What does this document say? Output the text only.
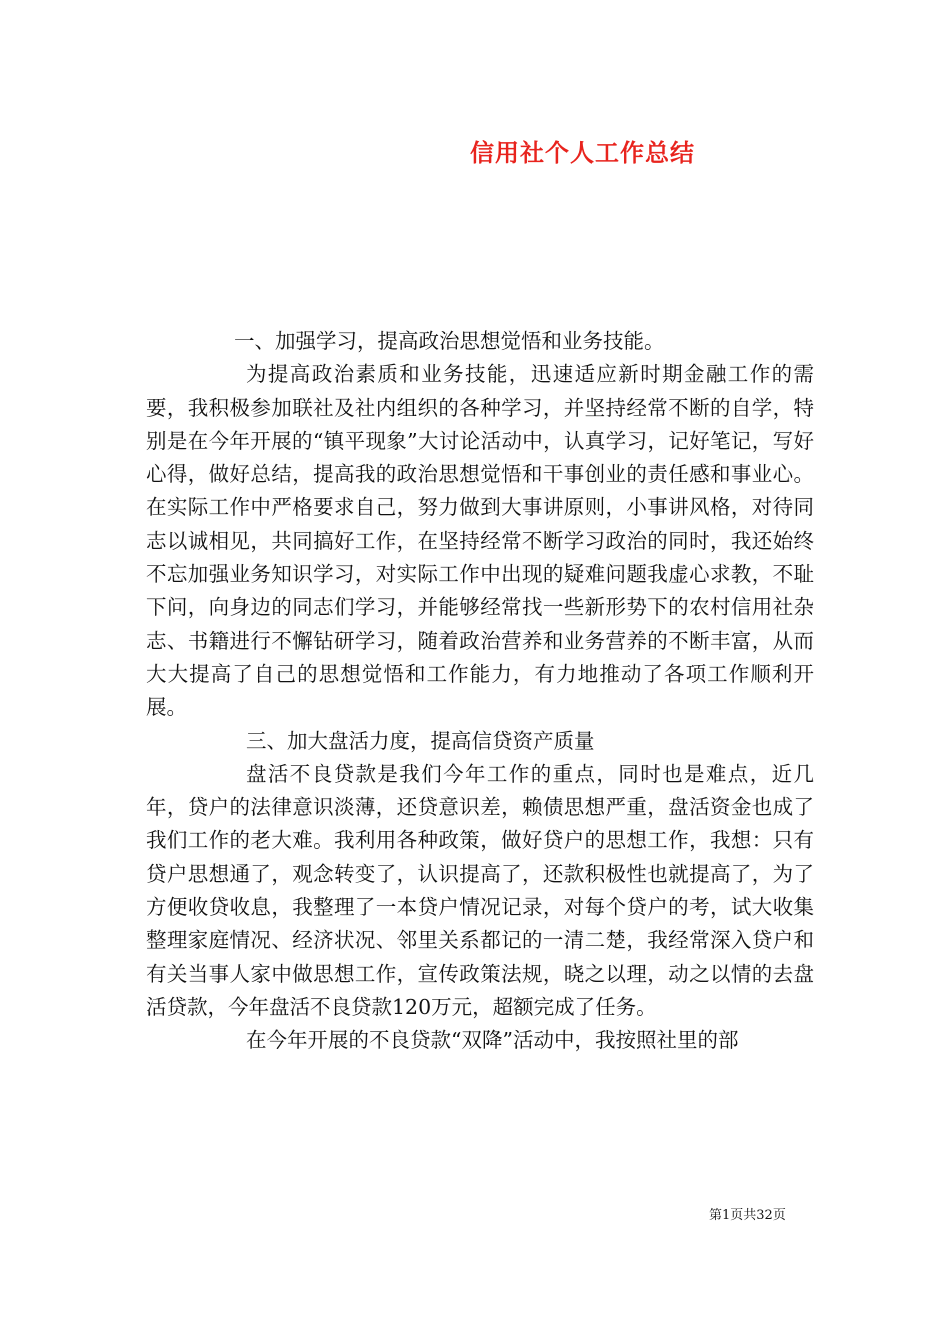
信用社个人工作总结

一、加强学习，提高政治思想觉悟和业务技能。

为提高政治素质和业务技能，迅速适应新时期金融工作的需要，我积极参加联社及社内组织的各种学习，并坚持经常不断的自学，特别是在今年开展的“镇平现象”大讨论活动中，认真学习，记好笔记，写好心得，做好总结，提高我的政治思想觉悟和干事创业的责任感和事业心。在实际工作中严格要求自己，努力做到大事讲原则，小事讲风格，对待同志以诚相见，共同搞好工作，在坚持经常不断学习政治的同时，我还始终不忘加强业务知识学习，对实际工作中出现的疑难问题我虚心求教，不耻下问，向身边的同志们学习，并能够经常找一些新形势下的农村信用社杂志、书籍进行不懈钻研学习，随着政治营养和业务营养的不断丰富，从而大大提高了自己的思想觉悟和工作能力，有力地推动了各项工作顺利开展。

三、加大盘活力度，提高信贷资产质量

盘活不良贷款是我们今年工作的重点，同时也是难点，近几年，贷户的法律意识淡薄，还贷意识差，赖债思想严重，盘活资金也成了我们工作的老大难。我利用各种政策，做好贷户的思想工作，我想：只有贷户思想通了，观念转变了，认识提高了，还款积极性也就提高了，为了方便收贷收息，我整理了一本贷户情况记录，对每个贷户的考，试大收集整理家庭情况、经济状况、邻里关系都记的一清二楚，我经常深入贷户和有关当事人家中做思想工作，宣传政策法规，晓之以理，动之以情的去盘活贷款，今年盘活不良贷款120万元，超额完成了任务。

在今年开展的不良贷款“双降”活动中，我按照社里的部

第1页共32页
